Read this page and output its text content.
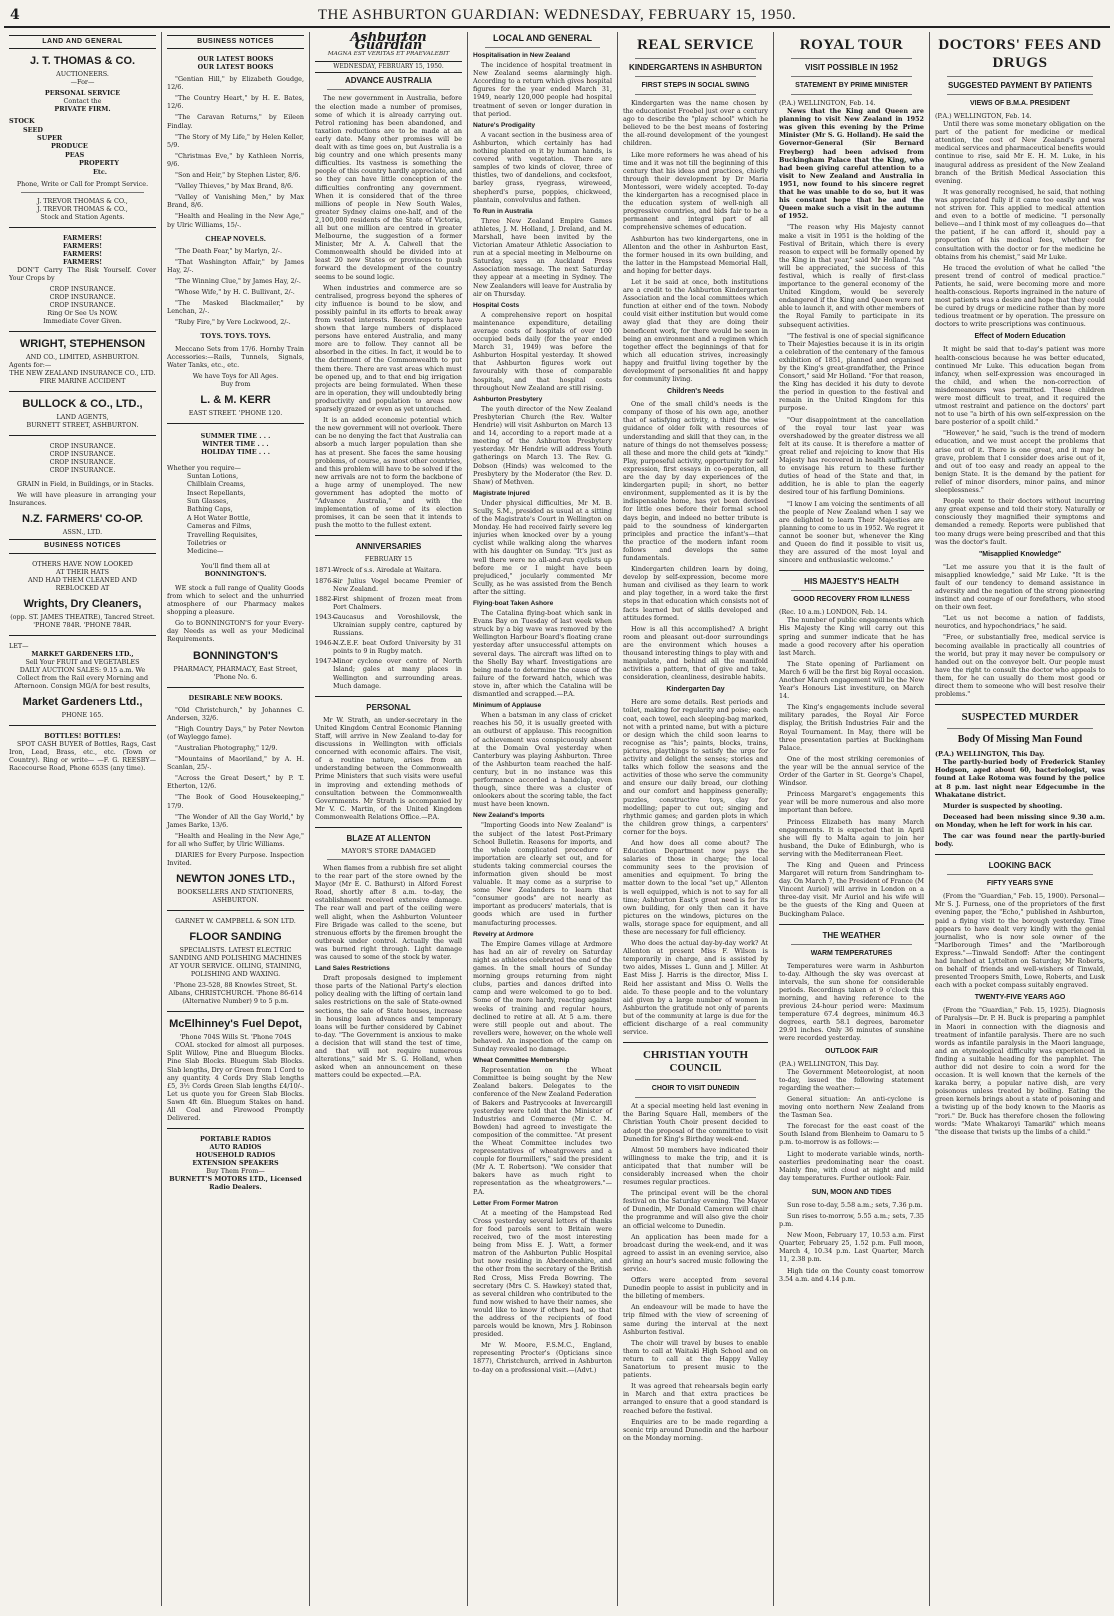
4	THE ASHBURTON GUARDIAN: WEDNESDAY, FEBRUARY 15, 1950.
LAND AND GENERAL
J. T. THOMAS & CO.
AUCTIONEERS.
—For—
PERSONAL SERVICE
Contact the
PRIVATE FIRM.
STOCK
SEED
SUPER
PRODUCE
PEAS
PROPERTY
Etc.
Phone, Write or Call for Prompt Service.
J. TREVOR THOMAS & CO.,
J. TREVOR THOMAS & CO.,
Stock and Station Agents.
FARMERS!
FARMERS!
FARMERS!
FARMERS!

DON'T Carry The Risk Yourself. Cover Your Crops by

CROP INSURANCE.
CROP INSURANCE.
CROP INSURANCE.
Ring Or See Us NOW.
Immediate Cover Given.
WRIGHT, STEPHENSON
AND CO., LIMITED, ASHBURTON.
Agents for:—
THE NEW ZEALAND INSURANCE CO., LTD.
FIRE MARINE ACCIDENT
BULLOCK & CO., LTD.,
LAND AGENTS,
BURNETT STREET, ASHBURTON.
CROP INSURANCE.
CROP INSURANCE.
CROP INSURANCE.
CROP INSURANCE.

GRAIN in Field, in Buildings, or in Stacks.

We will have pleasure in arranging your Insurances.

N.Z. FARMERS' CO-OP.
ASSN., LTD.
BUSINESS NOTICES
OTHERS HAVE NOW LOOKED
AT THEIR HATS
AND HAD THEM CLEANED AND
REBLOCKED AT
Wrights, Dry Cleaners,
(opp. ST. JAMES THEATRE), Tancred Street.
'PHONE 784R. 'PHONE 784R.
LET—
MARKET GARDENERS LTD.,
Sell Your FRUIT and VEGETABLES
DAILY AUCTION SALES: 9.15 a.m. We Collect from the Rail every Morning and Afternoon. Consign MG/A for best results,
Market Gardeners Ltd.,
PHONE 165.
BOTTLES! BOTTLES!

SPOT CASH BUYER of Bottles, Rags, Cast Iron, Lead, Brass, etc., etc. (Town or Country). Ring or write— —F. G. REESBY— Racecourse Road, Phone 653S (any time).

BUSINESS NOTICES
OUR LATEST BOOKS
OUR LATEST BOOKS

"Gentian Hill," by Elizabeth Goudge, 12/6.

"The Country Heart," by H. E. Bates, 12/6.

"The Caravan Returns," by Eileen Findlay.

"The Story of My Life," by Helen Keller, 5/9.

"Christmas Eve," by Kathleen Norris, 9/6.

"Son and Heir," by Stephen Lister, 8/6.

"Valley Thieves," by Max Brand, 8/6.

"Valley of Vanishing Men," by Max Brand, 8/6.

"Health and Healing in the New Age," by Ulric Williams, 15/-.

CHEAP NOVELS.

"The Death Fear," by Marlyn, 2/-.

"That Washington Affair," by James Hay, 2/-.

"The Winning Clue," by James Hay, 2/-.

"Whose Wife," by H. C. Bullivant, 2/-.

"The Masked Blackmailer," by Lenchan, 2/-.

"Ruby Fire," by Vere Lockwood, 2/-.

TOYS. TOYS. TOYS.

Meccano Sets from 17/6. Hornby Train Accessories:—Rails, Tunnels, Signals, Water Tanks, etc., etc.

We have Toys for All Ages.
Buy from
L. & M. KERR
EAST STREET. 'PHONE 120.
SUMMER TIME . . .
WINTER TIME . . .
HOLIDAY TIME . . .
Whether you require—
Suntan Lotions,
Chilblain Creams,
Insect Repellants,
Sun Glasses,
Bathing Caps,
A Hot Water Bottle,
Cameras and Films,
Travelling Requisites,
Toiletries or
Medicine—
You'll find them all at
BONNINGTON'S.

WE stock a full range of Quality Goods from which to select and the unhurried atmosphere of our Pharmacy makes shopping a pleasure.

Go to BONNINGTON'S for your Every-day Needs as well as your Medicinal Requirements.

BONNINGTON'S
PHARMACY, PHARMACY, East Street, 'Phone No. 6.
DESIRABLE NEW BOOKS.

"Old Christchurch," by Johannes C. Andersen, 32/6.

"High Country Days," by Peter Newton (of Wayleggo fame).

"Australian Photography," 12/9.

"Mountains of Maoriland," by A. H. Scanlan, 25/-.

"Across the Great Desert," by P. T. Etherton, 12/6.

"The Book of Good Housekeeping," 17/9.

"The Wonder of All the Gay World," by James Barke, 13/6.

"Health and Healing in the New Age," for all who Suffer, by Ulric Williams.

DIARIES for Every Purpose. Inspection Invited.

NEWTON JONES LTD.,
BOOKSELLERS AND STATIONERS, ASHBURTON.
GARNET W. CAMPBELL & SON LTD.
FLOOR SANDING
SPECIALISTS. LATEST ELECTRIC SANDING AND POLISHING MACHINES AT YOUR SERVICE. OILING, STAINING, POLISHING AND WAXING.
'Phone 23-528, 88 Knowles Street, St. Albans, CHRISTCHURCH. 'Phone 86-614 (Alternative Number) 9 to 5 p.m.
McElhinney's Fuel Depot,
'Phone 704S Wills St. 'Phone 704S

COAL stocked for almost all purposes. Split Willow, Pine and Bluegum Blocks. Pine Slab Blocks. Bluegum Slab Blocks. Slab lengths, Dry or Green from 1 Cord to any quantity. 4 Cords Dry Slab lengths £5, 3½ Cords Green Slab lengths £4/10/-. Let us quote you for Green Slab Blocks. Sawn 4ft 6in. Bluegum Stakes on hand. All Coal and Firewood Promptly Delivered.

PORTABLE RADIOS
AUTO RADIOS
HOUSEHOLD RADIOS
EXTENSION SPEAKERS
Buy Them From—
BURNETT'S MOTORS LTD., Licensed Radio Dealers.
Ashburton Guardian
MAGNA EST VERITAS ET PRAEVALEBIT
WEDNESDAY, FEBRUARY 15, 1950.
ADVANCE AUSTRALIA

The new government in Australia, before the election made a number of promises, some of which it is already carrying out. Petrol rationing has been abandoned, and taxation reductions are to be made at an early date. Many other promises will be dealt with as time goes on, but Australia is a big country and one which presents many difficulties. Its vastness is something the people of this country hardly appreciate, and so they can have little conception of the difficulties confronting any government. When it is considered that of the three millions of people in New South Wales, greater Sydney claims one-half, and of the 2,100,000 residents of the State of Victoria, all but one million are centred in greater Melbourne, the suggestion of a former Minister, Mr A. A. Calwell that the Commonwealth should be divided into at least 20 new States or provinces to push forward the development of the country seems to be sound logic.

When industries and commerce are so centralised, progress beyond the spheres of city influence is bound to be slow, and possibly painful in its efforts to break away from vested interests. Recent reports have shown that large numbers of displaced persons have entered Australia, and many more are to follow. They cannot all be absorbed in the cities. In fact, it would be to the detriment of the Commonwealth to put them there. There are vast areas which must be opened up, and to that end big irrigation projects are being formulated. When these are in operation, they will undoubtedly bring productivity and population to areas now sparsely grazed or even as yet untouched.

It is an added economic potential which the new government will not overlook. There can be no denying the fact that Australia can absorb a much larger population than she has at present. She faces the same housing problems, of course, as most other countries, and this problem will have to be solved if the new arrivals are not to form the backbone of a huge army of unemployed. The new government has adopted the motto of "Advance Australia," and with the implementation of some of its election promises, it can be seen that it intends to push the motto to the fullest extent.

ANNIVERSARIES
FEBRUARY 15

1871—
Wreck of s.s. Airedale at Waitara.

1876—
Sir Julius Vogel became Premier of New Zealand.

1882—
First shipment of frozen meat from Port Chalmers.

1943—
Caucasus and Voroshilovsk, the Ukrainian supply centre, captured by Russians.

1946—
N.Z.E.F. beat Oxford University by 31 points to 9 in Rugby match.

1947—
Minor cyclone over centre of North Island; gales at many places in Wellington and surrounding areas. Much damage.

PERSONAL

Mr W. Strath, an under-secretary in the United Kingdom Central Economic Planning Staff, will arrive in New Zealand to-day for discussions in Wellington with officials concerned with economic affairs. The visit, of a routine nature, arises from an understanding between the Commonwealth Prime Ministers that such visits were useful in improving and extending methods of consultation between the Commonwealth Governments. Mr Strath is accompanied by Mr V. C. Martin, of the United Kingdom Commonwealth Relations Office.—P.A.

BLAZE AT ALLENTON
MAYOR'S STORE DAMAGED

When flames from a rubbish fire set alight to the rear part of the store owned by the Mayor (Mr E. C. Bathurst) in Alford Forest Road, shortly after 8 a.m. to-day, the establishment received extensive damage. The rear wall and part of the ceiling were well alight, when the Ashburton Volunteer Fire Brigade was called to the scene, but strenuous efforts by the firemen brought the outbreak under control. Actually the wall was burned right through. Light damage was caused to some of the stock by water.

Land Sales Restrictions

Draft proposals designed to implement those parts of the National Party's election policy dealing with the lifting of certain land sales restrictions on the sale of State-owned sections, the sale of State houses, increase in housing loan advances and temporary loans will be further considered by Cabinet to-day. "The Government is anxious to make a decision that will stand the test of time, and that will not require numerous alterations," said Mr S. G. Holland, when asked when an announcement on these matters could be expected.—P.A.

LOCAL AND GENERAL
Hospitalisation in New Zealand

The incidence of hospital treatment in New Zealand seems alarmingly high. According to a return which gives hospital figures for the year ended March 31, 1949, nearly 120,000 people had hospital treatment of seven or longer duration in that period.

Nature's Prodigality

A vacant section in the business area of Ashburton, which certainly has had nothing planted on it by human hands, is covered with vegetation. There are samples of two kinds of clover, three of thistles, two of dandelions, and cocksfoot, barley grass, ryegrass, wireweed, shepherd's purse, poppies, chickweed, plantain, convolvulus and fathen.

To Run in Australia

Three New Zealand Empire Games athletes, J. M. Holland, J. Dreland, and M. Marshall, have been invited by the Victorian Amateur Athletic Association to run at a special meeting in Melbourne on Saturday, says an Auckland Press Association message. The next Saturday they appear at a meeting in Sydney. The New Zealanders will leave for Australia by air on Thursday.

Hospital Costs

A comprehensive report on hospital maintenance expenditure, detailing average costs of hospitals of over 100 occupied beds daily (for the year ended March 31, 1949) was before the Ashburton Hospital yesterday. It showed that Ashburton figures work out favourably with those of comparable hospitals, and that hospital costs throughout New Zealand are still rising.

Ashburton Presbytery

The youth director of the New Zealand Presbyterian Church (the Rev. Walter Hendrie) will visit Ashburton on March 13 and 14, according to a report made at a meeting of the Ashburton Presbytery yesterday. Mr Hendrie will address Youth gatherings on March 13. The Rev. G. Dobson (Hinds) was welcomed to the Presbytery by the Moderator (the Rev. D. Shaw) of Methven.

Magistrate Injured

Under physical difficulties, Mr M. B. Scully, S.M., presided as usual at a sitting of the Magistrate's Court in Wellington on Monday. He had received fairly severe leg injuries when knocked over by a young cyclist while walking along the wharves with his daughter on Sunday. "It's just as well there were no all-and-run cyclists up before me or I might have been prejudiced," jocularly commented Mr Scully, as he was assisted from the Bench after the sitting.

Flying-boat Taken Ashore

The Catalina flying-boat which sank in Evans Bay on Tuesday of last week when struck by a big wave was removed by the Wellington Harbour Board's floating crane yesterday after unsuccessful attempts on several days. The aircraft was lifted on to the Shelly Bay wharf. Investigations are being made to determine the cause of the failure of the forward hatch, which was stove in, after which the Catalina will be dismantled and scrapped.—P.A.

Minimum of Applause

When a batsman in any class of cricket reaches his 50, it is usually greeted with an outburst of applause. This recognition of achievement was conspicuously absent at the Domain Oval yesterday when Canterbury was playing Ashburton. Three of the Ashburton team reached the half-century, but in no instance was this performance accorded a handclap, even though, since there was a cluster of onlookers about the scoring table, the fact must have been known.

New Zealand's Imports

"Importing Goods into New Zealand" is the subject of the latest Post-Primary School Bulletin. Reasons for imports, and the whole complicated procedure of importation are clearly set out, and for students taking commercial courses the information given should be most valuable. It may come as a surprise to some New Zealanders to learn that "consumer goods" are not nearly as important as producers' materials, that is goods which are used in further manufacturing processes.

Revelry at Ardmore

The Empire Games village at Ardmore has had an air of revelry on Saturday night as athletes celebrated the end of the games. In the small hours of Sunday morning groups returning from night clubs, parties and dances drifted into camp and were welcomed to go to bed. Some of the more hardy, reacting against weeks of training and regular hours, declined to retire at all. At 5 a.m. there were still people out and about. The revellers were, however, on the whole well behaved. An inspection of the camp on Sunday revealed no damage.

Wheat Committee Membership

Representation on the Wheat Committee is being sought by the New Zealand bakers. Delegates to the conference of the New Zealand Federation of Bakers and Pastrycooks at Invercargill yesterday were told that the Minister of Industries and Commerce (Mr C. M. Bowden) had agreed to investigate the composition of the committee. "At present the Wheat Committee includes two representatives of wheatgrowers and a couple for flourmillers," said the president (Mr A. T. Robertson). "We consider that bakers have as much right to representation as the wheatgrowers."—P.A.

Letter From Former Matron

At a meeting of the Hampstead Red Cross yesterday several letters of thanks for food parcels sent to Britain were received, two of the most interesting being from Miss E. J. Watt, a former matron of the Ashburton Public Hospital but now residing in Aberdeenshire, and the other from the secretary of the British Red Cross, Miss Freda Bowring. The secretary (Mrs C. S. Hawkey) stated that, as several children who contributed to the fund now wished to have their names, she would like to know if others had, so that the address of the recipients of food parcels would be known, Mrs J. Robinson presided.

Mr W. Moore, F.S.M.C., England, representing Procter's (Opticians since 1877), Christchurch, arrived in Ashburton to-day on a professional visit.—(Advt.)

REAL SERVICE
KINDERGARTENS IN ASHBURTON
FIRST STEPS IN SOCIAL SWING

Kindergarten was the name chosen by the educationist Froebel just over a century ago to describe the "play school" which he believed to be the best means of fostering the all-round development of the youngest children.

Like more reformers he was ahead of his time and it was not till the beginning of this century that his ideas and practices, chiefly through their development by Dr Maria Montessori, were widely accepted. To-day the kindergarten has a recognised place in the education system of well-nigh all progressive countries, and bids fair to be a permanent and integral part of all comprehensive schemes of education.

Ashburton has two kindergartens, one in Allenton and the other in Ashburton East, the former housed in its own building, and the latter in the Hampstead Memorial Hall, and hoping for better days.

Let it be said at once, both institutions are a credit to the Ashburton Kindergarten Association and the local committees which function at either end of the town. Nobody could visit either institution but would come away glad that they are doing their beneficent work, for there would be seen in being an environment and a regimen which together effect the beginnings of that for which all education strives, increasingly happy and fruitful living together by the development of personalities fit and happy for community living.

Children's Needs

One of the small child's needs is the company of those of his own age, another that of satisfying activity, a third the wise guidance of older folk with resources of understanding and skill that they can, in the nature of things do not themselves possess; all these and more the child gets at "kindy." Play, purposeful activity, opportunity for self expression, first essays in co-operation, all are the day by day experiences of the kindergarten pupil; in short, no better environment, supplemented as it is by the indispensable home, has yet been devised for little ones before their formal school days begin, and indeed no better tribute is paid to the soundness of kindergarten principles and practice the infant's—that the practice of the modern infant room follows and develops the same fundamentals.

Kindergarten children learn by doing, develop by self-expression, become more human and civilised as they learn to work and play together, in a word take the first steps in that education which consists not of facts learned but of skills developed and attitudes formed.

How is all this accomplished? A bright room and pleasant out-door surroundings are the environment which houses a thousand interesting things to play with and manipulate, and behind all the manifold activities a pattern, that of give and take, consideration, cleanliness, desirable habits.

Kindergarten Day

Here are some details. Rest periods and toilet, making for regularity and poise; each coat, each towel, each sleeping-bag marked, not with a printed name, but with a picture or design which the child soon learns to recognise as "his"; paints, blocks, trains, pictures, playthings to satisfy the urge for activity and delight the senses; stories and talks which follow the seasons and the activities of those who serve the community and ensure our daily bread, our clothing and our comfort and happiness generally; puzzles, constructive toys, clay for modelling; paper to cut out; singing and rhythmic games; and garden plots in which the children grow things, a carpenters' corner for the boys.

And how does all come about? The Education Department now pays the salaries of those in charge; the local community sees to the provision of amenities and equipment. To bring the matter down to the local "set up," Allenton is well equipped, which is not to say for all time; Ashburton East's great need is for its own building, for only then can it have pictures on the windows, pictures on the walls, storage space for equipment, and all these are necessary for full efficiency.

Who does the actual day-by-day work? At Allenton at present Miss F. Wilson is temporarily in charge, and is assisted by two aides, Misses L. Gunn and J. Miller. At East Miss J. Harris is the director, Miss I. Reid her assistant and Miss O. Wells the aide. To these people and to the voluntary aid given by a large number of women in Ashburton the gratitude not only of parents but of the community at large is due for the efficient discharge of a real community service.

CHRISTIAN YOUTH COUNCIL
CHOIR TO VISIT DUNEDIN

At a special meeting held last evening in the Baring Square Hall, members of the Christian Youth Choir present decided to adopt the proposal of the committee to visit Dunedin for King's Birthday week-end.

Almost 50 members have indicated their willingness to make the trip, and it is anticipated that that number will be considerably increased when the choir resumes regular practices.

The principal event will be the choral festival on the Saturday evening. The Mayor of Dunedin, Mr Donald Cameron will chair the programme and will also give the choir an official welcome to Dunedin.

An application has been made for a broadcast during the week-end, and it was agreed to assist in an evening service, also giving an hour's sacred music following the service.

Offers were accepted from several Dunedin people to assist in publicity and in the billeting of members.

An endeavour will be made to have the trip filmed with the view of screening of same during the interval at the next Ashburton festival.

The choir will travel by buses to enable them to call at Waitaki High School and on return to call at the Happy Valley Sanatorium to present music to the patients.

It was agreed that rehearsals begin early in March and that extra practices be arranged to ensure that a good standard is reached before the festival.

Enquiries are to be made regarding a scenic trip around Dunedin and the harbour on the Monday morning.

ROYAL TOUR
VISIT POSSIBLE IN 1952
STATEMENT BY PRIME MINISTER
(P.A.) WELLINGTON, Feb. 14.

News that the King and Queen are planning to visit New Zealand in 1952 was given this evening by the Prime Minister (Mr S. G. Holland). He said the Governor-General (Sir Bernard Freyberg) had been advised from Buckingham Palace that the King, who had been giving careful attention to a visit to New Zealand and Australia in 1951, now found to his sincere regret that he was unable to do so, but it was his constant hope that he and the Queen make such a visit in the autumn of 1952.

"The reason why His Majesty cannot make a visit in 1951 is the holding of the Festival of Britain, which there is every reason to expect will be formally opened by the King in that year," said Mr Holland. "As will be appreciated, the success of this festival, which is really of first-class importance to the general economy of the United Kingdom, would be severely endangered if the King and Queen were not able to launch it, and with other members of the Royal Family to participate in its subsequent activities.

"The festival is one of special significance to Their Majesties because it is in its origin a celebration of the centenary of the famous exhibition of 1851, planned and organised by the King's great-grandfather, the Prince Consort," said Mr Holland. "For that reason, the King has decided it his duty to devote the period in question to the festival and remain in the United Kingdom for this purpose.

"Our disappointment at the cancellation of the royal tour last year was overshadowed by the greater distress we all felt at its cause. It is therefore a matter of great relief and rejoicing to know that His Majesty has recovered in health sufficiently to envisage his return to these further duties of head of the State and that, in addition, he is able to plan the eagerly desired tour of his farflung Dominions.

"I know I am voicing the sentiments of all the people of New Zealand when I say we are delighted to learn Their Majesties are planning to come to us in 1952. We regret it cannot be sooner but, whenever the King and Queen do find it possible to visit us, they are assured of the most loyal and sincere and enthusiastic welcome."

HIS MAJESTY'S HEALTH
GOOD RECOVERY FROM ILLNESS
(Rec. 10 a.m.) LONDON, Feb. 14.

The number of public engagements which His Majesty the King will carry out this spring and summer indicate that he has made a good recovery after his operation last March.

The State opening of Parliament on March 6 will be the first big Royal occasion. Another March engagement will be the New Year's Honours List investiture, on March 14.

The King's engagements include several military parades, the Royal Air Force display, the British Industries Fair and the Royal Tournament. In May, there will be three presentation parties at Buckingham Palace.

One of the most striking ceremonies of the year will be the annual service of the Order of the Garter in St. George's Chapel, Windsor.

Princess Margaret's engagements this year will be more numerous and also more important than before.

Princess Elizabeth has many March engagements. It is expected that in April she will fly to Malta again to join her husband, the Duke of Edinburgh, who is serving with the Mediterranean Fleet.

The King and Queen and Princess Margaret will return from Sandringham to-day. On March 7, the President of France (M Vincent Auriol) will arrive in London on a three-day visit. Mr Auriol and his wife will be the guests of the King and Queen at Buckingham Palace.

THE WEATHER
WARM TEMPERATURES

Temperatures were warm in Ashburton to-day. Although the sky was overcast at intervals, the sun shone for considerable periods. Recordings taken at 9 o'clock this morning, and having reference to the previous 24-hour period were: Maximum temperature 67.4 degrees, minimum 46.3 degrees, earth 58.1 degrees, barometer 29.91 inches. Only 36 minutes of sunshine were recorded yesterday.

OUTLOOK FAIR
(P.A.) WELLINGTON, This Day.

The Government Meteorologist, at noon to-day, issued the following statement regarding the weather:—

General situation: An anti-cyclone is moving onto northern New Zealand from the Tasman Sea.

The forecast for the east coast of the South Island from Blenheim to Oamaru to 5 p.m. to-morrow is as follows:—

Light to moderate variable winds, north-easterlies predominating near the coast. Mainly fine, with cloud at night and mild day temperatures. Further outlook: Fair.

SUN, MOON AND TIDES

Sun rose to-day, 5.58 a.m.; sets, 7.36 p.m.

Sun rises to-morrow, 5.55 a.m.; sets, 7.35 p.m.

New Moon, February 17, 10.53 a.m. First Quarter, February 25, 1.52 p.m. Full moon, March 4, 10.34 p.m. Last Quarter, March 11, 2.38 p.m.

High tide on the County coast tomorrow 3.54 a.m. and 4.14 p.m.

DOCTORS' FEES AND DRUGS
SUGGESTED PAYMENT BY PATIENTS
VIEWS OF B.M.A. PRESIDENT
(P.A.) WELLINGTON, Feb. 14.

Until there was some monetary obligation on the part of the patient for medicine or medical attention, the cost of New Zealand's general medical services and pharmaceutical benefits would continue to rise, said Mr E. H. M. Luke, in his inaugural address as president of the New Zealand branch of the British Medical Association this evening.

It was generally recognised, he said, that nothing was appreciated fully if it came too easily and was not striven for. This applied to medical attention and even to a bottle of medicine. "I personally believe—and I think most of my colleagues do—that the patient, if he can afford it, should pay a proportion of his medical fees, whether for consultation with the doctor or for the medicine he obtains from his chemist," said Mr Luke.

He traced the evolution of what he called "the present trend of control of medical practice." Patients, he said, were becoming more and more health-conscious. Reports ingrained in the nature of most patients was a desire and hope that they could be cured by drugs or medicine rather than by more tedious treatment or by operation. The pressure on doctors to write prescriptions was continuous.

Effect of Modern Education

It might be said that to-day's patient was more health-conscious because he was better educated, continued Mr Luke. This education began from infancy, when self-expression was encouraged in the child, and when the non-correction of misdemeanours was permitted. These children were most difficult to treat, and it required the utmost restraint and patience on the doctors' part not to use "a birth of his own self-expression on the bare posterior of a spoilt child."

"However," he said, "such is the trend of modern education, and we must accept the problems that arise out of it. There is one great, and it may be grave, problem that I consider does arise out of it, and out of too easy and ready an appeal to the benign State. It is the demand by the patient for relief of minor disorders, minor pains, and minor sleeplessness."

People went to their doctors without incurring any great expense and told their story. Naturally or consciously they magnified their symptoms and demanded a remedy. Reports were published that too many drugs were being prescribed and that this was the doctor's fault.

"Misapplied Knowledge"

"Let me assure you that it is the fault of misapplied knowledge," said Mr Luke. "It is the fault of our tendency to demand assistance in adversity and the negation of the strong pioneering instinct and courage of our forefathers, who stood on their own feet.

"Let us not become a nation of faddists, neurotics, and hypochondriacs," he said.

"Free, or substantially free, medical service is becoming available in practically all countries of the world, but pray it may never be compulsory or handed out on the conveyor belt. Our people must have the right to consult the doctor who appeals to them, for he can usually do them most good or direct them to someone who will best resolve their problems."

SUSPECTED MURDER
Body Of Missing Man Found
(P.A.) WELLINGTON, This Day.

The partly-buried body of Frederick Stanley Hodgson, aged about 60, bacteriologist, was found at Lake Rotoma was found by the police at 8 p.m. last night near Edgecumbe in the Whakatane district.

Murder is suspected by shooting.

Deceased had been missing since 9.30 a.m. on Monday, when he left for work in his car.

The car was found near the partly-buried body.

LOOKING BACK
FIFTY YEARS SYNE

(From the "Guardian," Feb. 15, 1900). Personal—Mr S. J. Furness, one of the proprietors of the first evening paper, the "Echo," published in Ashburton, paid a flying visit to the borough yesterday. Time appears to have dealt very kindly with the genial journalist, who is now sole owner of the "Marlborough Times" and the "Marlborough Express."—Tinwald Sendoff: After the contingent had lunched at Lyttelton on Saturday, Mr Roberts, on behalf of friends and well-wishers of Tinwald, presented Troopers Smith, Lowe, Roberts, and Lusk each with a pocket compass suitably engraved.

TWENTY-FIVE YEARS AGO

(From the "Guardian," Feb. 15, 1925). Diagnosis of Paralysis—Dr. P. H. Buck is preparing a pamphlet in Maori in connection with the diagnosis and treatment of infantile paralysis. There are no such words as infantile paralysis in the Maori language, and an etymological difficulty was experienced in finding a suitable heading for the pamphlet. The author did not desire to coin a word for the occasion. It is well known that the kernels of the karaka berry, a popular native dish, are very poisonous unless treated by boiling. Eating the green kernels brings about a state of poisoning and a twisting up of the body known to the Maoris as "rori." Dr. Buck has therefore chosen the following words: "Mate Whakaroyi Tamariki" which means "the disease that twists up the limbs of a child."
